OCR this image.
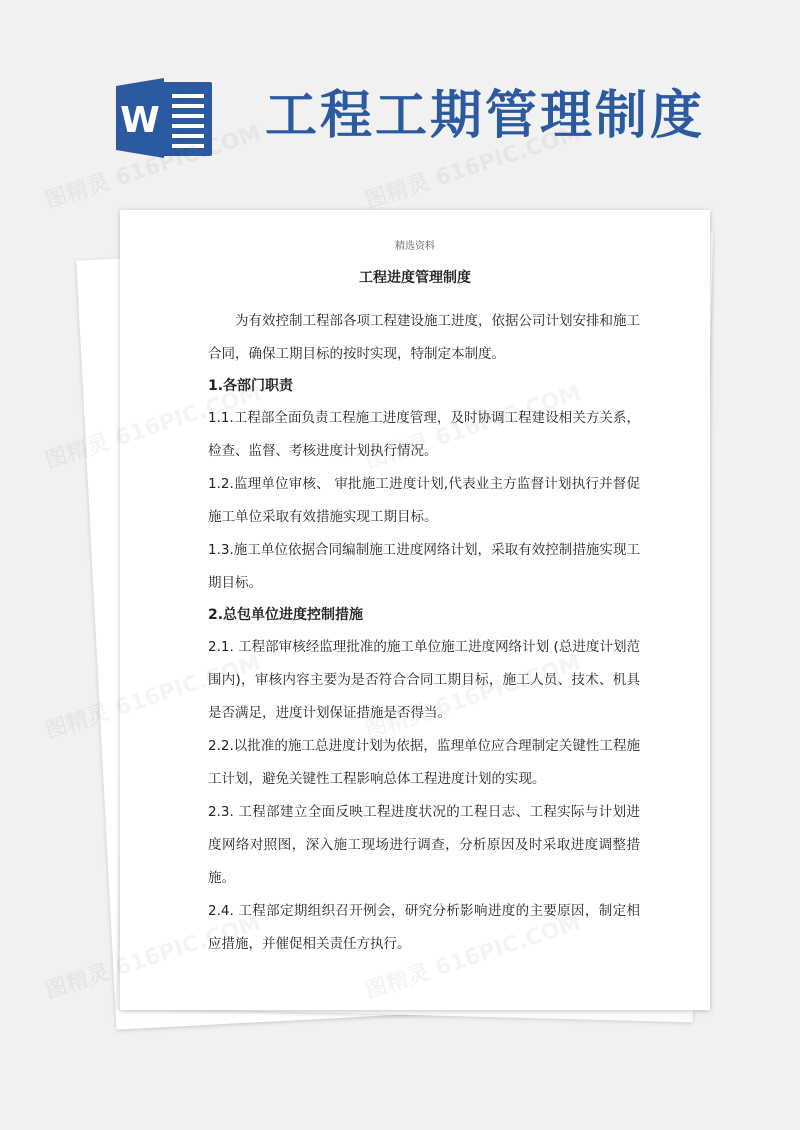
W 工程工期管理制度
精选资料
工程进度管理制度

为有效控制工程部各项工程建设施工进度，依据公司计划安排和施工合同，确保工期目标的按时实现，特制定本制度。

1.各部门职责

1.1.工程部全面负责工程施工进度管理，及时协调工程建设相关方关系，检查、监督、考核进度计划执行情况。

1.2.监理单位审核、 审批施工进度计划,代表业主方监督计划执行并督促施工单位采取有效措施实现工期目标。

1.3.施工单位依据合同编制施工进度网络计划，采取有效控制措施实现工期目标。

2.总包单位进度控制措施

2.1. 工程部审核经监理批准的施工单位施工进度网络计划 (总进度计划范围内)，审核内容主要为是否符合合同工期目标，施工人员、技术、机具是否满足，进度计划保证措施是否得当。

2.2.以批准的施工总进度计划为依据，监理单位应合理制定关键性工程施工计划，避免关键性工程影响总体工程进度计划的实现。

2.3. 工程部建立全面反映工程进度状况的工程日志、工程实际与计划进度网络对照图，深入施工现场进行调查，分析原因及时采取进度调整措施。

2.4. 工程部定期组织召开例会，研究分析影响进度的主要原因，制定相应措施，并催促相关责任方执行。
